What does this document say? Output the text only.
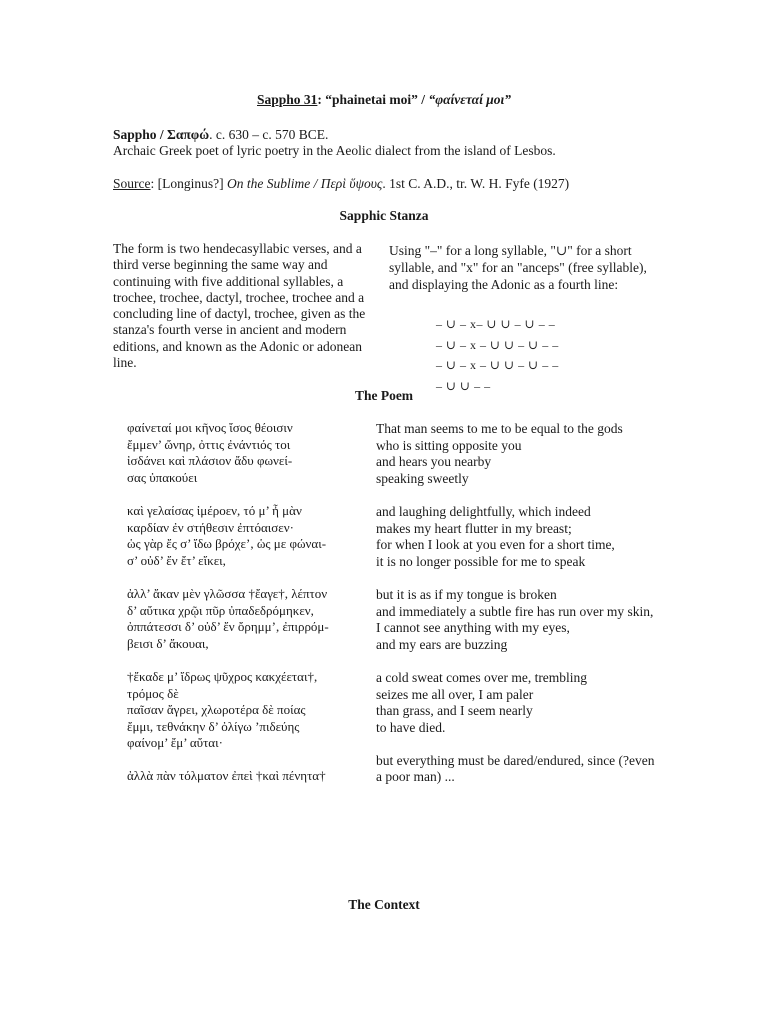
Sappho 31: “phainetai moi” / “φαίνεταί μοι”
Sappho / Σαπφώ. c. 630 – c. 570 BCE.
Archaic Greek poet of lyric poetry in the Aeolic dialect from the island of Lesbos.
Source: [Longinus?] On the Sublime / Περὶ ὕψους. 1st C. A.D., tr. W. H. Fyfe (1927)
Sapphic Stanza
The form is two hendecasyllabic verses, and a third verse beginning the same way and continuing with five additional syllables, a trochee, trochee, dactyl, trochee, trochee and a concluding line of dactyl, trochee, given as the stanza's fourth verse in ancient and modern editions, and known as the Adonic or adonean line.
Using "–" for a long syllable, "∪" for a short syllable, and "x" for an "anceps" (free syllable), and displaying the Adonic as a fourth line:
– ∪ – x– ∪ ∪ – ∪ – –
– ∪ – x – ∪ ∪ – ∪ – –
– ∪ – x – ∪ ∪ – ∪ – –
– ∪ ∪ – –
The Poem
φαίνεταί μοι κῆνος ἴσος θέοισιν
ἔμμεν’ ὤνηρ, ὀττις ἐνάντιός τοι
ἰσδάνει καὶ πλάσιον ἄδυ φωνεί-
σας ὐπακούει
καὶ γελαίσας ἰμέροεν, τό μ’ ἦ μὰν
καρδίαν ἐν στήθεσιν ἐπτόαισεν·
ὡς γὰρ ἔς σ’ ἴδω βρόχε’, ὡς με φώναι-
σ’ οὐδ’ ἔν ἔτ’ εἴκει,
ἀλλ’ ἄκαν μὲν γλῶσσα †ἔαγε†, λέπτον
δ’ αὔτικα χρῷι πῦρ ὐπαδεδρόμηκεν,
ὀππάτεσσι δ’ οὐδ’ ἔν ὄρημμ’, ἐπιρρόμ-
βεισι δ’ ἄκουαι,
†ἔκαδε μ’ ἴδρως ψῦχρος κακχέεται†,
τρόμος δὲ
παῖσαν ἄγρει, χλωροτέρα δὲ ποίας
ἔμμι, τεθνάκην δ’ ὀλίγω ’πιδεύης
φαίνομ’ ἔμ’ αὔται·
ἀλλὰ πὰν τόλματον ἐπεὶ †καὶ πένητα†
That man seems to me to be equal to the gods
who is sitting opposite you
and hears you nearby
speaking sweetly
and laughing delightfully, which indeed
makes my heart flutter in my breast;
for when I look at you even for a short time,
it is no longer possible for me to speak
but it is as if my tongue is broken
and immediately a subtle fire has run over my skin,
I cannot see anything with my eyes,
and my ears are buzzing
a cold sweat comes over me, trembling
seizes me all over, I am paler
than grass, and I seem nearly
to have died.
but everything must be dared/endured, since (?even
a poor man) ...
The Context
